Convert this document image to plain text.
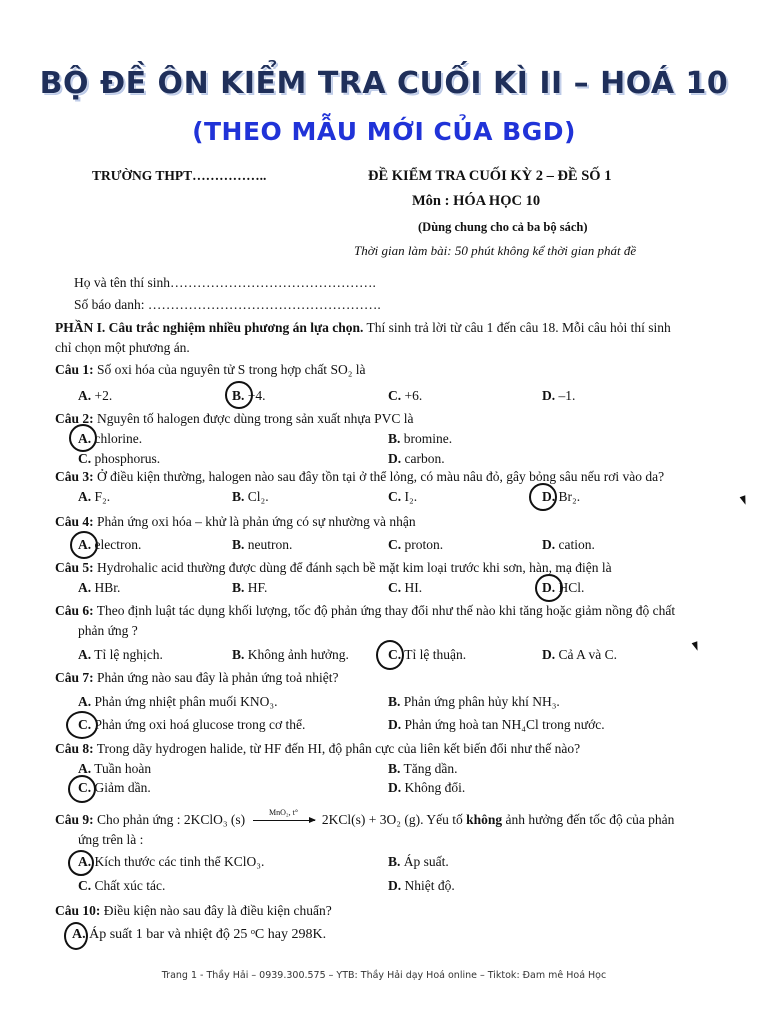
BỘ ĐỀ ÔN KIỂM TRA CUỐI KÌ II – HOÁ 10
(THEO MẪU MỚI CỦA BGD)
TRƯỜNG THPT……………..	ĐỀ KIỂM TRA CUỐI KỲ 2 – ĐỀ SỐ 1
Môn : HÓA HỌC 10
(Dùng chung cho cả ba bộ sách)
Thời gian làm bài: 50 phút không kể thời gian phát đề
Họ và tên thí sinh……………………………………….
Số báo danh: …………………………………………….
PHẦN I. Câu trắc nghiệm nhiều phương án lựa chọn. Thí sinh trả lời từ câu 1 đến câu 18. Mỗi câu hỏi thí sinh
chỉ chọn một phương án.
Câu 1: Số oxi hóa của nguyên tử S trong hợp chất SO₂ là
A. +2.	B. +4.	C. +6.	D. –1.
Câu 2: Nguyên tố halogen được dùng trong sản xuất nhựa PVC là
A. chlorine.	B. bromine.
C. phosphorus.	D. carbon.
Câu 3: Ở điều kiện thường, halogen nào sau đây tồn tại ở thể lỏng, có màu nâu đỏ, gây bỏng sâu nếu rơi vào da?
A. F₂.	B. Cl₂.	C. I₂.	D. Br₂.
Câu 4: Phản ứng oxi hóa – khử là phản ứng có sự nhường và nhận
A. electron.	B. neutron.	C. proton.	D. cation.
Câu 5: Hydrohalic acid thường được dùng để đánh sạch bề mặt kim loại trước khi sơn, hàn, mạ điện là
A. HBr.	B. HF.	C. HI.	D. HCl.
Câu 6: Theo định luật tác dụng khối lượng, tốc độ phản ứng thay đổi như thế nào khi tăng hoặc giảm nồng độ chất
phản ứng ?
A. Tỉ lệ nghịch.	B. Không ảnh hưởng.	C. Tỉ lệ thuận.	D. Cả A và C.
Câu 7: Phản ứng nào sau đây là phản ứng toả nhiệt?
A. Phản ứng nhiệt phân muối KNO₃.	B. Phản ứng phân hủy khí NH₃.
C. Phản ứng oxi hoá glucose trong cơ thể.	D. Phản ứng hoà tan NH₄Cl trong nước.
Câu 8: Trong dãy hydrogen halide, từ HF đến HI, độ phân cực của liên kết biến đổi như thế nào?
A. Tuần hoàn	B. Tăng dần.
C. Giảm dần.	D. Không đổi.
Câu 9: Cho phản ứng : 2KClO₃ (s)	MnO₂, t°	2KCl(s) + 3O₂ (g). Yếu tố không ảnh hưởng đến tốc độ của phản
ứng trên là :
A. Kích thước các tinh thể KClO₃.	B. Áp suất.
C. Chất xúc tác.	D. Nhiệt độ.
Câu 10: Điều kiện nào sau đây là điều kiện chuẩn?
A. Áp suất 1 bar và nhiệt độ 25 ᵒC hay 298K.
Trang 1 - Thầy Hải – 0939.300.575 – YTB: Thầy Hải dạy Hoá online – Tiktok: Đam mê Hoá Học
